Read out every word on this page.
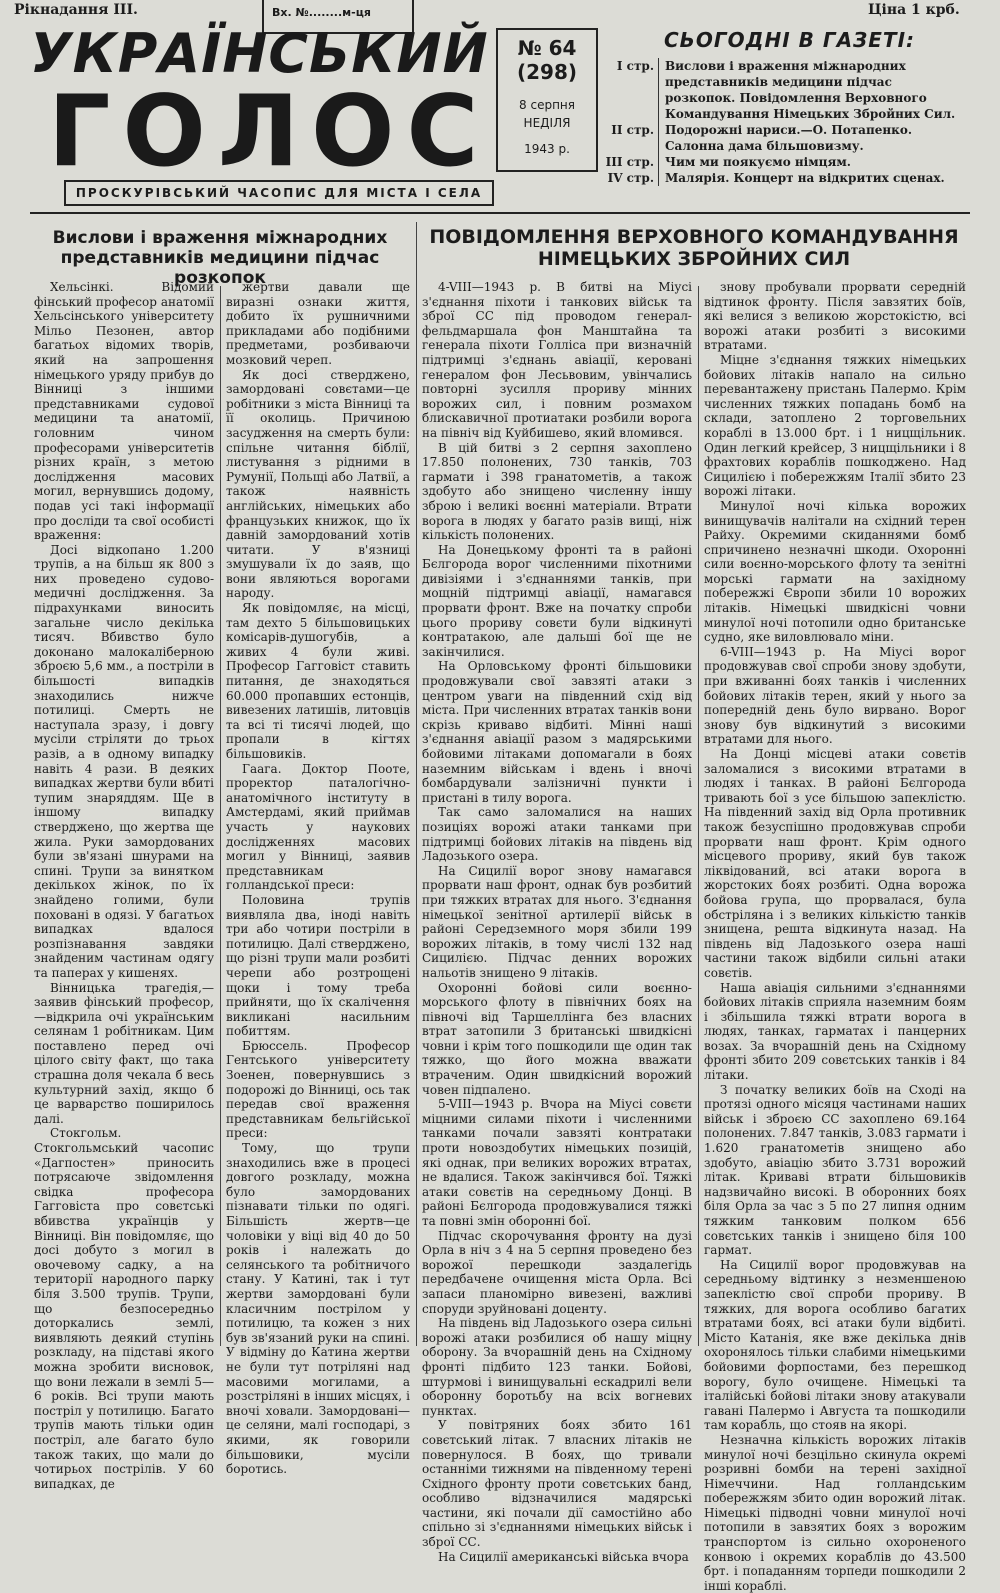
Рікнадання III.	Вх. №........м-ця	Ціна 1 крб.
УКРАЇНСЬКИЙ
ГОЛОС
ПРОСКУРІВСЬКИЙ ЧАСОПИС ДЛЯ МІСТА І СЕЛА
№ 64 (298)
8 серпня
НЕДІЛЯ
1943 р.
СЬОГОДНІ В ГАЗЕТІ:
І стр. Вислови і враження міжнародних представників медицини підчас розкопок. Повідомлення Верховного Командування Німецьких Збройних Сил.
II стр. Подорожні нариси.—О. Потапенко. Салонна дама більшовизму.
III стр. Чим ми поякуємо німцям.
IV стр. Малярія. Концерт на відкритих сценах.
Вислови і враження міжнародних представників медицини підчас розкопок
ПОВІДОМЛЕННЯ ВЕРХОВНОГО КОМАНДУВАННЯ НІМЕЦЬКИХ ЗБРОЙНИХ СИЛ

Хельсінкі. Відомий фінський професор анатомії Хельсінського університету Мільо Пезонен, автор багатьох відомих творів, який на запрошення німецького уряду прибув до Вінниці з іншими представниками судової медицини та анатомії, головним чином професорами університетів різних країн, з метою дослідження масових могил, вернувшись додому, подав усі такі інформації про досліди та свої особисті враження:

Досі відкопано 1.200 трупів, а на більш як 800 з них проведено судово-медичні дослідження. За підрахунками виносить загальне число декілька тисяч. Вбивство було доконано малокаліберною зброєю 5,6 мм., а постріли в більшості випадків знаходились нижче потилиці. Смерть не наступала зразу, і довгу мусіли стріляти до трьох разів, а в одному випадку навіть 4 рази. В деяких випадках жертви були вбиті тупим знаряддям. Ще в іншому випадку стверджено, що жертва ще жила. Руки замордованих були зв'язані шнурами на спині. Трупи за винятком декількох жінок, по їх знайдено голими, були поховані в одязі. У багатьох випадках вдалося розпізнавання завдяки знайденим частинам одягу та паперах у кишенях.

Вінницька трагедія,—заявив фінський професор,—відкрила очі українським селянам 1 робітникам. Цим поставлено перед очі цілого світу факт, що така страшна доля чекала б весь культурний захід, якщо б це варварство поширилось далі.

Стокгольм. Стокгольмський часопис «Дагпостен» приносить потрясаюче звідомлення свідка професора Гагговіста про совєтські вбивства українців у Вінниці. Він повідомляє, що досі добуто з могил в овочевому садку, а на території народного парку біля 3.500 трупів. Трупи, що безпосередньо доторкались землі, виявляють деякий ступінь розкладу, на підставі якого можна зробити висновок, що вони лежали в землі 5—6 років. Всі трупи мають постріл у потилицю. Багато трупів мають тільки один постріл, але багато було також таких, що мали до чотирьох пострілів. У 60 випадках, де

жертви давали ще виразні ознаки життя, добито їх рушничними прикладами або подібними предметами, розбиваючи мозковий череп.

Як досі стверджено, замордовані совєтами—це робітники з міста Вінниці та її околиць. Причиною засудження на смерть були: спільне читання біблії, листування з рідними в Румунії, Польщі або Латвії, а також наявність англійських, німецьких або французьких книжок, що їх давній замордований хотів читати. У в'язниці змушували їх до заяв, що вони являються ворогами народу.

Як повідомляє, на місці, там дехто 5 більшовицьких комісарів-душогубів, а живих 4 були живі. Професор Гагговіст ставить питання, де знаходяться 60.000 пропавших естонців, вивезених латишів, литовців та всі ті тисячі людей, що пропали в кігтях більшовиків.

Гаага. Доктор Пооте, проректор паталогічно-анатомічного інституту в Амстердамі, який приймав участь у наукових дослідженнях масових могил у Вінниці, заявив представникам голландської преси:

Половина трупів виявляла два, іноді навіть три або чотири постріли в потилицю. Далі стверджено, що різні трупи мали розбиті черепи або розтрощені щоки і тому треба прийняти, що їх скалічення викликані насильним побиттям.

Брюссель. Професор Гентського університету Зоенен, повернувшись з подорожі до Вінниці, ось так передав свої враження представникам бельгійської преси:

Тому, що трупи знаходились вже в процесі довгого розкладу, можна було замордованих пізнавати тільки по одягі. Більшість жертв—це чоловіки у віці від 40 до 50 років і належать до селянського та робітничого стану. У Катині, так і тут жертви замордовані були класичним пострілом у потилицю, та кожен з них був зв'язаний руки на спині. У відміну до Катина жертви не були тут потріляні над масовими могилами, а розстріляні в інших місцях, і вночі ховали. Замордовані—це селяни, малі господарі, з якими, як говорили більшовики, мусіли боротись.

4-VIII—1943 р. В битві на Міусі з'єднання піхоти і танкових військ та зброї СС під проводом генерал-фельдмаршала фон Манштайна та генерала піхоти Голліса при визначній підтримці з'єднань авіації, керовані генералом фон Лесьвовим, увінчались повторні зусилля прориву мінних ворожих сил, і повним розмахом блискавичної протиатаки розбили ворога на північ від Куйбишево, який вломився.

В цій битві з 2 серпня захоплено 17.850 полонених, 730 танків, 703 гармати і 398 гранатометів, а також здобуто або знищено численну іншу зброю і великі воєнні матеріали. Втрати ворога в людях у багато разів вищі, ніж кількість полонених.

На Донецькому фронті та в районі Бєлгорода ворог численними піхотними дивізіями і з'єднаннями танків, при мощній підтримці авіації, намагався прорвати фронт. Вже на початку спроби цього прориву совєти були відкинуті контратакою, але дальші бої ще не закінчилися.

На Орловському фронті більшовики продовжували свої завзяті атаки з центром уваги на південний схід від міста. При численних втратах танків вони скрізь кривавo відбиті. Мінні наші з'єднання авіації разом з мадярськими бойовими літаками допомагали в боях наземним військам і вдень і вночі бомбардували залізничні пункти і пристані в тилу ворога.

Так само заломалися на наших позиціях ворожі атаки танками при підтримці бойових літаків на південь від Ладозького озера.

На Сицилії ворог знову намагався прорвати наш фронт, однак був розбитий при тяжких втратах для нього. З'єднання німецької зенітної артилерії військ в районі Середземного моря збили 199 ворожих літаків, в тому числі 132 над Сицилією. Підчас денних ворожих нальотів знищено 9 літаків.

Охоронні бойові сили воєнно-морського флоту в північних боях на півночі від Таршеллінга без власних втрат затопили 3 британські швидкісні човни і крім того пошкодили ще один так тяжко, що його можна вважати втраченим. Один швидкісний ворожий човен підпалено.

5-VIII—1943 р. Вчора на Міусі совєти міцними силами піхоти і численними танками почали завзяті контратаки проти новоздобутих німецьких позицій, які однак, при великих ворожих втратах, не вдалися. Також закінчився бої. Тяжкі атаки совєтів на середньому Донці. В районі Бєлгорода продовжувалися тяжкі та повні змін оборонні бої.

Підчас скорочування фронту на дузі Орла в ніч з 4 на 5 серпня проведено без ворожої перешкоди заздалегідь передбачене очищення міста Орла. Всі запаси планомірно вивезені, важливі споруди зруйновані доценту.

На південь від Ладозького озера сильні ворожі атаки розбилися об нашу міцну оборону. За вчорашній день на Східному фронті підбито 123 танки. Бойові, штурмові і винищувальні ескадрилі вели оборонну боротьбу на всіх вогневих пунктах.

У повітряних боях збито 161 совєтський літак. 7 власних літаків не повернулося. В боях, що тривали останніми тижнями на південному терені Східного фронту проти совєтських банд, особливо відзначилися мадярські частини, які почали дії самостійно або спільно зі з'єднаннями німецьких військ і зброї СС.

На Сицилії американські війська вчора

знову пробували прорвати середній відтинок фронту. Після завзятих боїв, які велися з великою жорстокістю, всі ворожі атаки розбиті з високими втратами.

Міцне з'єднання тяжких німецьких бойових літаків напало на сильно перевантажену пристань Палермо. Крім численних тяжких попадань бомб на склади, затоплено 2 торговельних кораблі в 13.000 брт. і 1 ницщільник. Один легкий крейсер, 3 ницщільники і 8 фрахтових кораблів пошкоджено. Над Сицилією і побережжям Італії збито 23 ворожі літаки.

Минулої ночі кілька ворожих винищувачів налітали на східний терен Райху. Окремими скиданнями бомб спричинено незначні шкоди. Охоронні сили воєнно-морського флоту та зенітні морські гармати на західному побережжі Європи збили 10 ворожих літаків. Німецькі швидкісні човни минулої ночі потопили одно британське судно, яке виловлювало міни.

6-VIII—1943 р. На Міусі ворог продовжував свої спроби знову здобути, при вживанні бoях танків і численних бойових літаків терен, який у нього за попередній день було вирвано. Ворог знову був відкинутий з високими втратами для нього.

На Донці місцеві атаки совєтів заломалися з високими втратами в людях і танках. В районі Бєлгорода тривають бої з усе більшою запеклістю. На південний захід від Орла противник також безуспішно продовжував спроби прорвати наш фронт. Крім одного місцевого прориву, який був також ліквідований, всі атаки ворога в жорстоких боях розбиті. Одна ворожа бойова група, що прорвалася, була обстріляна і з великих кількістю танків знищена, решта відкинута назад. На південь від Ладозького озера наші частини також відбили сильні атаки совєтів.

Наша авіація сильними з'єднаннями бойових літаків сприяла наземним боям і збільшила тяжкі втрати ворога в людях, танках, гарматах і панцерних возах. За вчорашній день на Східному фронті збито 209 совєтських танків і 84 літаки.

З початку великих боїв на Сході на протязі одного місяця частинами наших військ і зброєю СС захоплено 69.164 полонених. 7.847 танків, 3.083 гармати і 1.620 гранатометів знищено або здобуто, авіацію збито 3.731 ворожий літак. Криваві втрати більшовиків надзвичайно високі. В оборонних боях біля Орла за час з 5 по 27 липня одним тяжким танковим полком 656 совєтських танків і знищено біля 100 гармат.

На Сицилії ворог продовжував на середньому відтинку з незменшеною запеклістю свої спроби прориву. В тяжких, для ворога особливо багатих втратами боях, всі атаки були відбиті. Місто Катанія, яке вже декілька днів охоронялось тільки слабими німецькими бойовими форпостами, без перешкод ворогу, було очищене. Німецькі та італійські бойові літаки знову атакували гавані Палермо і Августа та пошкодили там корабль, що стояв на якорі.

Незначна кількість ворожих літаків минулої ночі безцільно скинула окремі розривні бомби на терені західної Німеччини. Над голландським побережжям збито один ворожий літак. Німецькі підводні човни минулої ночі потопили в завзятих боях з ворожим транспортом із сильно охороненого конвою і окремих кораблів до 43.500 брт. і попаданням торпеди пошкодили 2 інші кораблі.
